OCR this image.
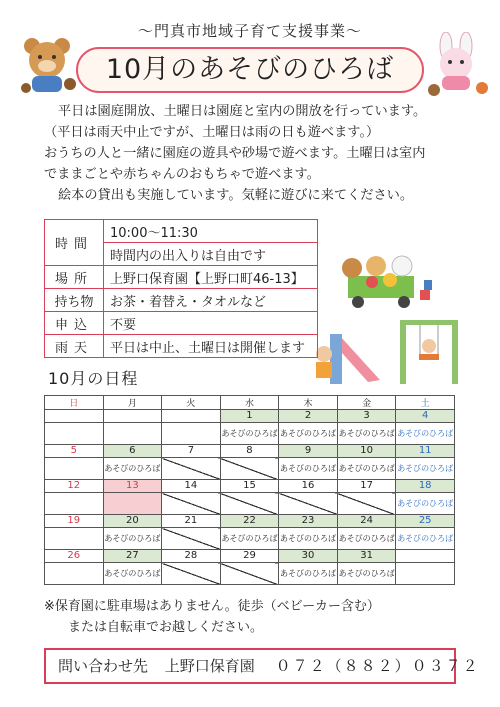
～門真市地域子育て支援事業～
10月のあそびのひろば

平日は園庭開放、土曜日は園庭と室内の開放を行っています。

（平日は雨天中止ですが、土曜日は雨の日も遊べます。）

おうちの人と一緒に園庭の遊具や砂場で遊べます。土曜日は室内

でままごとや赤ちゃんのおもちゃで遊べます。

絵本の貸出も実施しています。気軽に遊びに来てください。

時間	10:00～11:30
	時間内の出入りは自由です
場所	上野口保育園【上野口町46-13】
持ち物	お茶・着替え・タオルなど
申込	不要
雨天	平日は中止、土曜日は開催します
10月の日程
日	月	火	水	木	金	土
			1	2	3	4
			あそびのひろば	あそびのひろば	あそびのひろば	あそびのひろば
5	6	7	8	9	10	11
	あそびのひろば			あそびのひろば	あそびのひろば	あそびのひろば
12	13	14	15	16	17	18
						あそびのひろば
19	20	21	22	23	24	25
	あそびのひろば		あそびのひろば	あそびのひろば	あそびのひろば	あそびのひろば
26	27	28	29	30	31	
	あそびのひろば			あそびのひろば	あそびのひろば	

※保育園に駐車場はありません。徒歩（ベビーカー含む）

または自転車でお越しください。

問い合わせ先 上野口保育園 ０７２（８８２）０３７２
